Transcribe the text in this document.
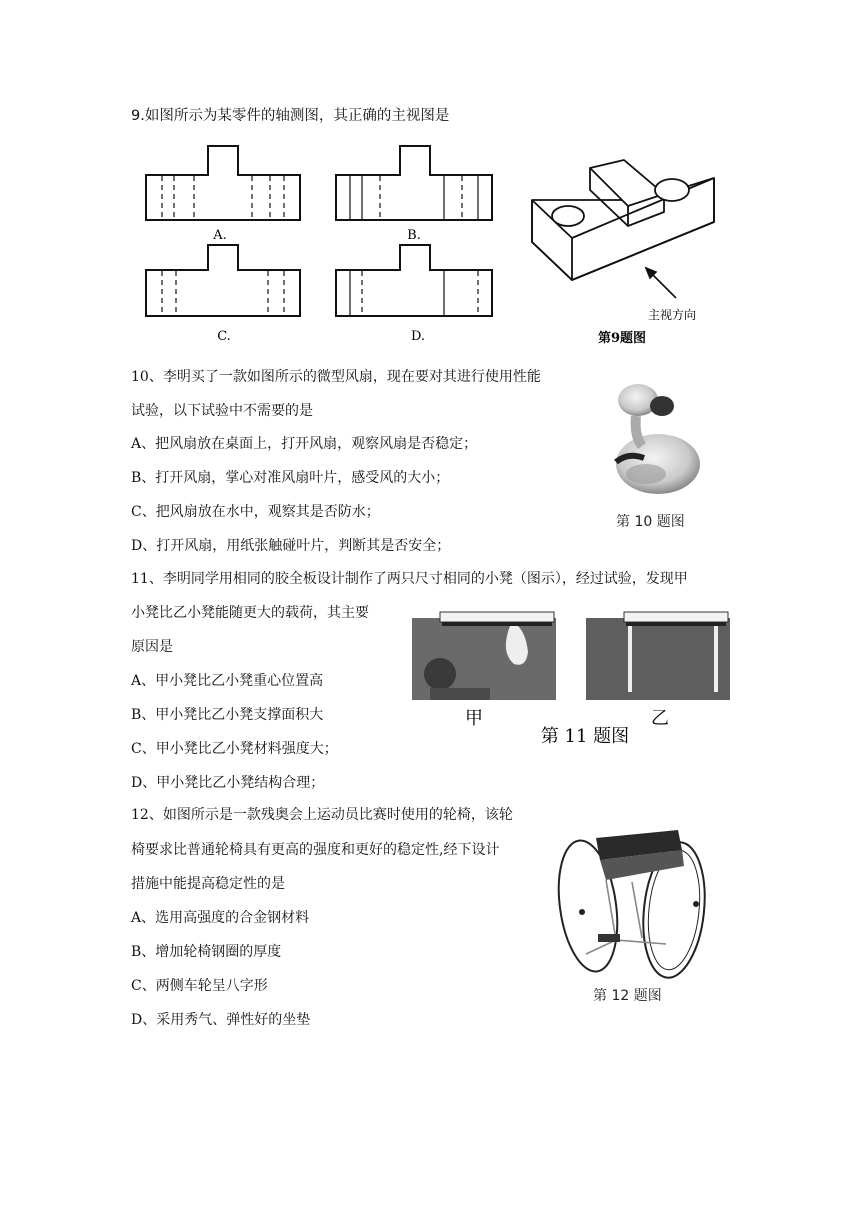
9.如图所示为某零件的轴测图，其正确的主视图是
A.	B.
C.	D.
主视方向
第9题图
10、李明买了一款如图所示的微型风扇，现在要对其进行使用性能
试验，以下试验中不需要的是
A、把风扇放在桌面上，打开风扇，观察风扇是否稳定；
B、打开风扇，掌心对准风扇叶片，感受风的大小；
C、把风扇放在水中，观察其是否防水；
D、打开风扇，用纸张触碰叶片，判断其是否安全；
第 10 题图
11、李明同学用相同的胶全板设计制作了两只尺寸相同的小凳（图示），经过试验，发现甲
小凳比乙小凳能随更大的载荷，其主要
原因是
A、甲小凳比乙小凳重心位置高
B、甲小凳比乙小凳支撑面积大
C、甲小凳比乙小凳材料强度大；
D、甲小凳比乙小凳结构合理；
甲	乙
第 11 题图
12、如图所示是一款残奥会上运动员比赛时使用的轮椅，该轮
椅要求比普通轮椅具有更高的强度和更好的稳定性,经下设计
措施中能提高稳定性的是
A、选用高强度的合金钢材料
B、增加轮椅钢圈的厚度
C、两侧车轮呈八字形
D、采用秀气、弹性好的坐垫
第 12 题图
